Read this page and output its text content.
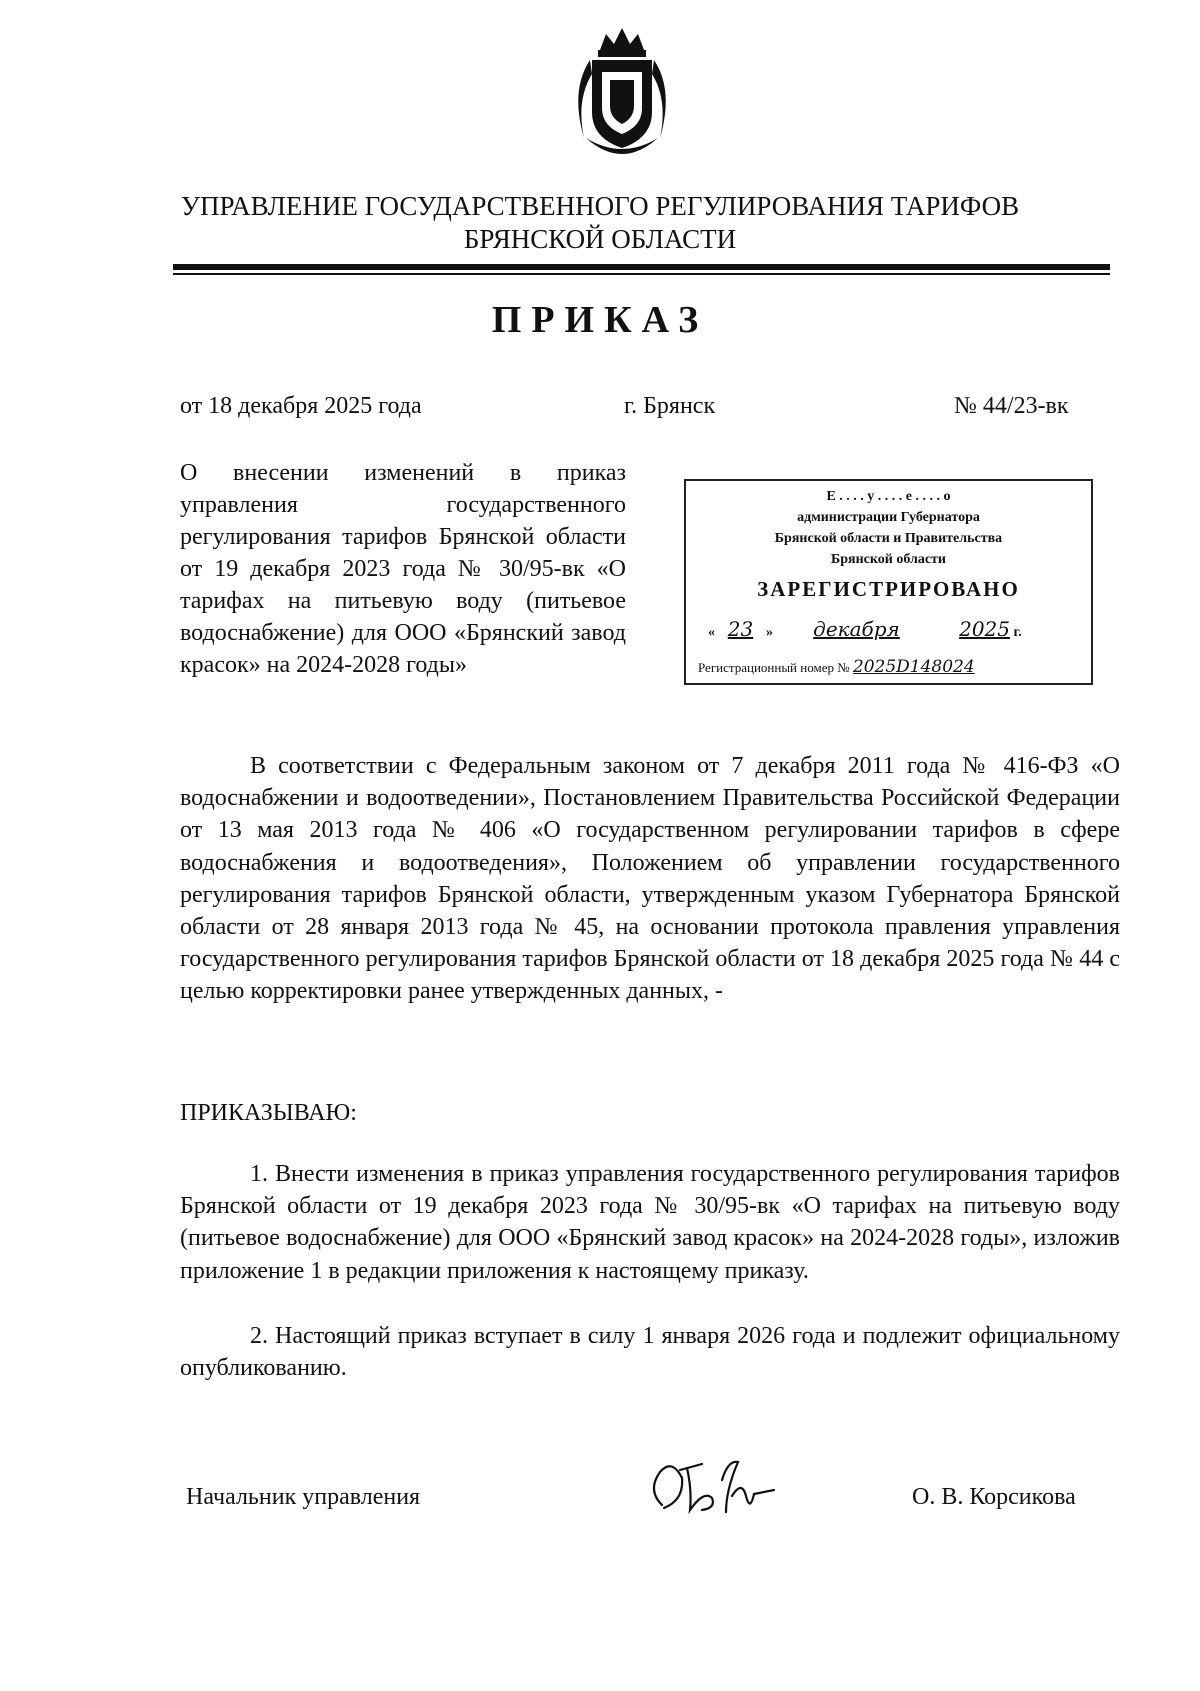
УПРАВЛЕНИЕ ГОСУДАРСТВЕННОГО РЕГУЛИРОВАНИЯ ТАРИФОВ
БРЯНСКОЙ ОБЛАСТИ
ПРИКАЗ
от 18 декабря 2025 года	г. Брянск	№ 44/23-вк
О внесении изменений в приказ управления государственного регулирования тарифов Брянской области от 19 декабря 2023 года № 30/95-вк «О тарифах на питьевую воду (питьевое водоснабжение) для ООО «Брянский завод красок» на 2024-2028 годы»
Е . . . . у . . . . е . . . . о
администрации Губернатора
Брянской области и Правительства
Брянской области
ЗАРЕГИСТРИРОВАНО
« 23 » декабря	2025 г.
Регистрационный номер № 2025D148024
В соответствии с Федеральным законом от 7 декабря 2011 года № 416-ФЗ «О водоснабжении и водоотведении», Постановлением Правительства Российской Федерации от 13 мая 2013 года № 406 «О государственном регулировании тарифов в сфере водоснабжения и водоотведения», Положением об управлении государственного регулирования тарифов Брянской области, утвержденным указом Губернатора Брянской области от 28 января 2013 года № 45, на основании протокола правления управления государственного регулирования тарифов Брянской области от 18 декабря 2025 года № 44 с целью корректировки ранее утвержденных данных, -
ПРИКАЗЫВАЮ:
1. Внести изменения в приказ управления государственного регулирования тарифов Брянской области от 19 декабря 2023 года № 30/95-вк «О тарифах на питьевую воду (питьевое водоснабжение) для ООО «Брянский завод красок» на 2024-2028 годы», изложив приложение 1 в редакции приложения к настоящему приказу.
2. Настоящий приказ вступает в силу 1 января 2026 года и подлежит официальному опубликованию.
Начальник управления	О. В. Корсикова
